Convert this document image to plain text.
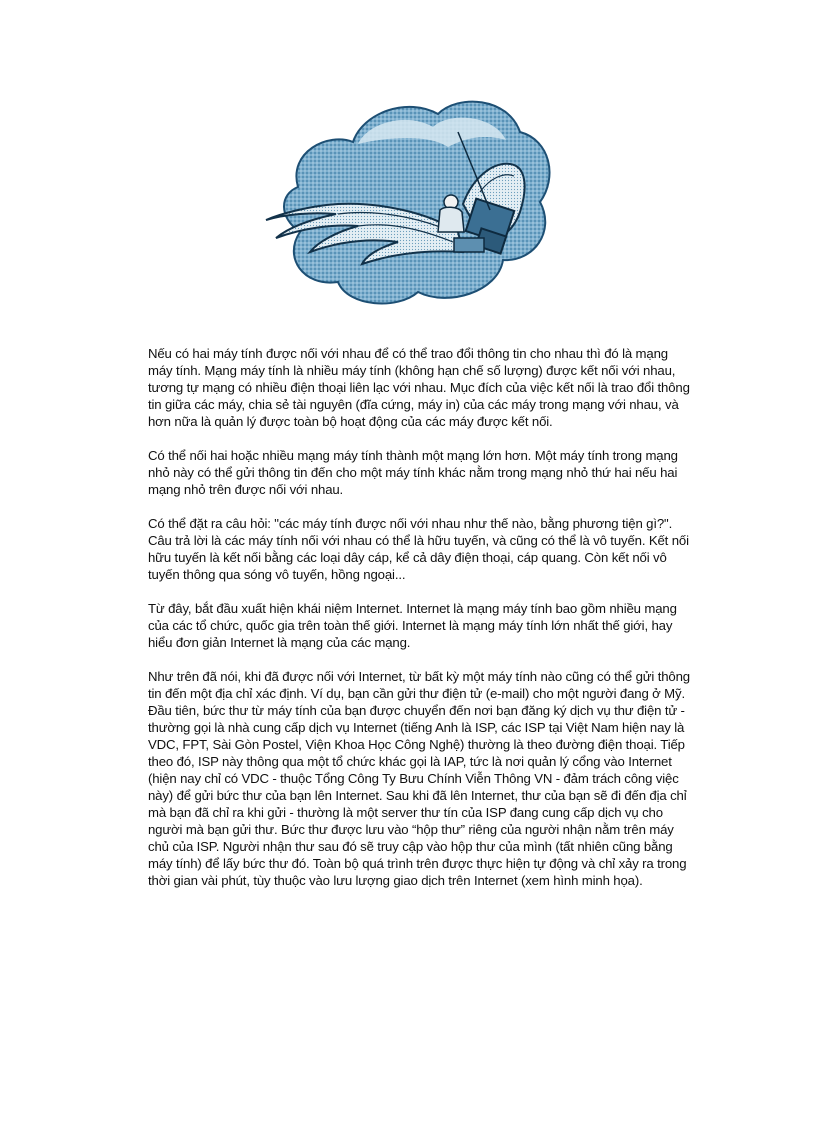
Nếu có hai máy tính được nối với nhau để có thể trao đổi thông tin cho nhau thì đó là mạng máy tính. Mạng máy tính là nhiều máy tính (không hạn chế số lượng) được kết nối với nhau, tương tự mạng có nhiều điện thoại liên lạc với nhau. Mục đích của việc kết nối là trao đổi thông tin giữa các máy, chia sẻ tài nguyên (đĩa cứng, máy in) của các máy trong mạng với nhau, và hơn nữa là quản lý được toàn bộ hoạt động của các máy được kết nối.

Có thể nối hai hoặc nhiều mạng máy tính thành một mạng lớn hơn. Một máy tính trong mạng nhỏ này có thể gửi thông tin đến cho một máy tính khác nằm trong mạng nhỏ thứ hai nếu hai mạng nhỏ trên được nối với nhau.

Có thể đặt ra câu hỏi: "các máy tính được nối với nhau như thế nào, bằng phương tiện gì?". Câu trả lời là các máy tính nối với nhau có thể là hữu tuyến, và cũng có thể là vô tuyến. Kết nối hữu tuyến là kết nối bằng các loại dây cáp, kể cả dây điện thoại, cáp quang. Còn kết nối vô tuyến thông qua sóng vô tuyến, hồng ngoại...

Từ đây, bắt đầu xuất hiện khái niệm Internet. Internet là mạng máy tính bao gồm nhiều mạng của các tổ chức, quốc gia trên toàn thế giới. Internet là mạng máy tính lớn nhất thế giới, hay hiểu đơn giản Internet là mạng của các mạng.

Như trên đã nói, khi đã được nối với Internet, từ bất kỳ một máy tính nào cũng có thể gửi thông tin đến một địa chỉ xác định. Ví dụ, bạn cần gửi thư điện tử (e-mail) cho một người đang ở Mỹ. Đầu tiên, bức thư từ máy tính của bạn được chuyển đến nơi bạn đăng ký dịch vụ thư điện tử - thường gọi là nhà cung cấp dịch vụ Internet (tiếng Anh là ISP, các ISP tại Việt Nam hiện nay là VDC, FPT, Sài Gòn Postel, Viện Khoa Học Công Nghệ) thường là theo đường điện thoại. Tiếp theo đó, ISP này thông qua một tổ chức khác gọi là IAP, tức là nơi quản lý cổng vào Internet (hiện nay chỉ có VDC - thuộc Tổng Công Ty Bưu Chính Viễn Thông VN - đảm trách công việc này) để gửi bức thư của bạn lên Internet. Sau khi đã lên Internet, thư của bạn sẽ đi đến địa chỉ mà bạn đã chỉ ra khi gửi - thường là một server thư tín của ISP đang cung cấp dịch vụ cho người mà bạn gửi thư. Bức thư được lưu vào “hộp thư” riêng của người nhận nằm trên máy chủ của ISP. Người nhận thư sau đó sẽ truy cập vào hộp thư của mình (tất nhiên cũng bằng máy tính) để lấy bức thư đó. Toàn bộ quá trình trên được thực hiện tự động và chỉ xảy ra trong thời gian vài phút, tùy thuộc vào lưu lượng giao dịch trên Internet (xem hình minh họa).
